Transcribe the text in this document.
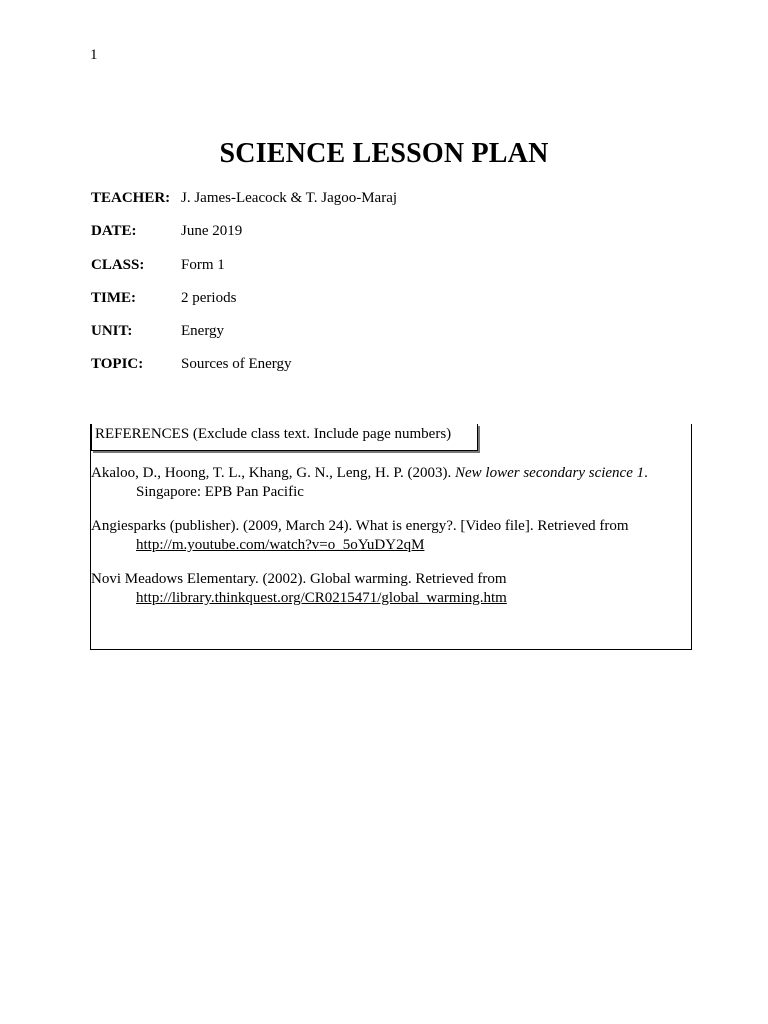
1
SCIENCE LESSON PLAN
TEACHER: J. James-Leacock & T. Jagoo-Maraj
DATE:	June 2019
CLASS:	Form 1
TIME:	2 periods
UNIT:	Energy
TOPIC:	Sources of Energy
REFERENCES (Exclude class text. Include page numbers)
Akaloo, D., Hoong, T. L., Khang, G. N., Leng, H. P. (2003). New lower secondary science 1.
Singapore: EPB Pan Pacific
Angiesparks (publisher). (2009, March 24). What is energy?. [Video file]. Retrieved from
http://m.youtube.com/watch?v=o_5oYuDY2qM
Novi Meadows Elementary. (2002). Global warming. Retrieved from
http://library.thinkquest.org/CR0215471/global_warming.htm
